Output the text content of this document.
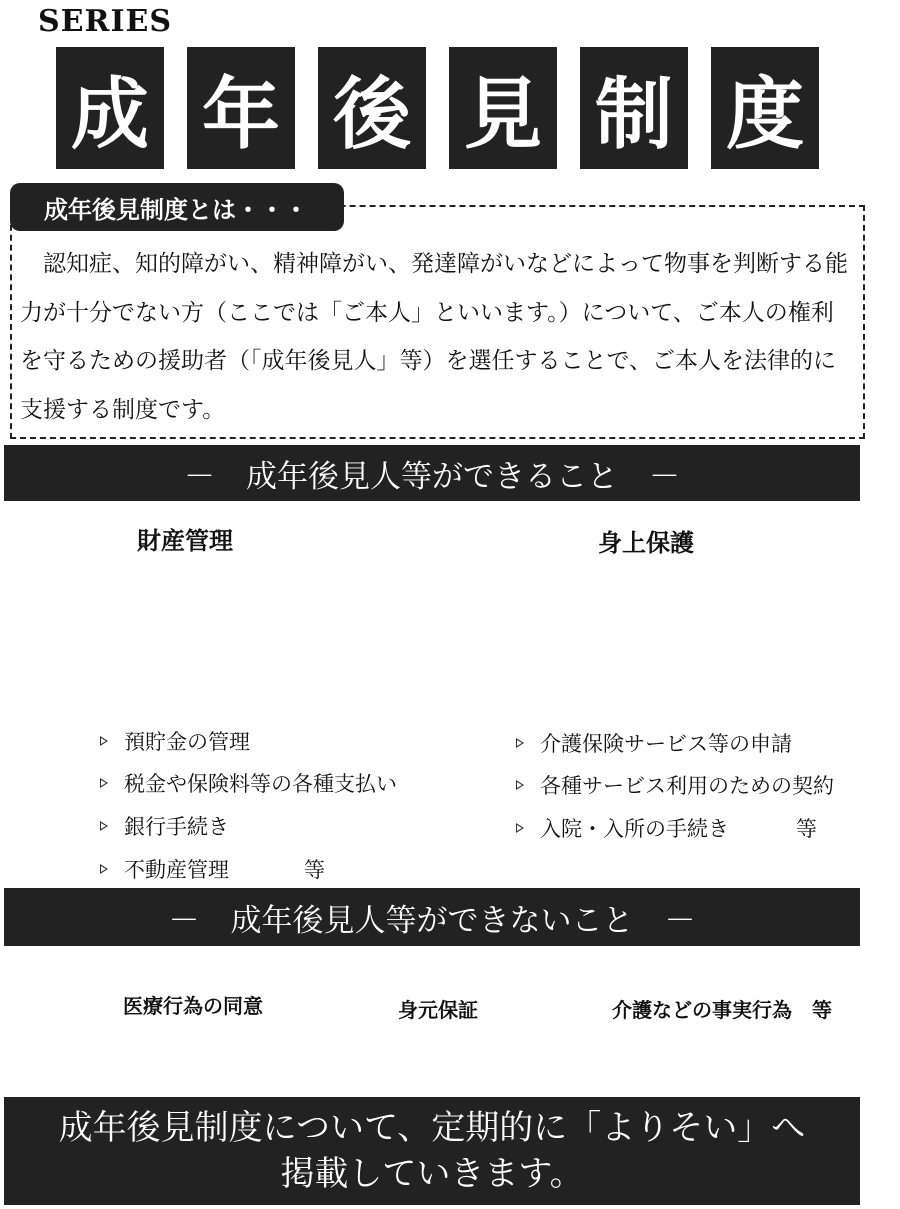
SERIES
成 年 後 見 制 度
成年後見制度とは・・・
認知症、知的障がい、精神障がい、発達障がいなどによって物事を判断する能力が十分でない方（ここでは「ご本人」といいます。）について、ご本人の権利を守るための援助者（「成年後見人」等）を選任することで、ご本人を法律的に支援する制度です。
－　成年後見人等ができること　－
財産管理	身上保護
預貯金の管理
税金や保険料等の各種支払い
銀行手続き
不動産管理	等
介護保険サービス等の申請
各種サービス利用のための契約
入院・入所の手続き	等
－　成年後見人等ができないこと　－
医療行為の同意	身元保証	介護などの事実行為　等
成年後見制度について、定期的に「よりそい」へ
掲載していきます。
